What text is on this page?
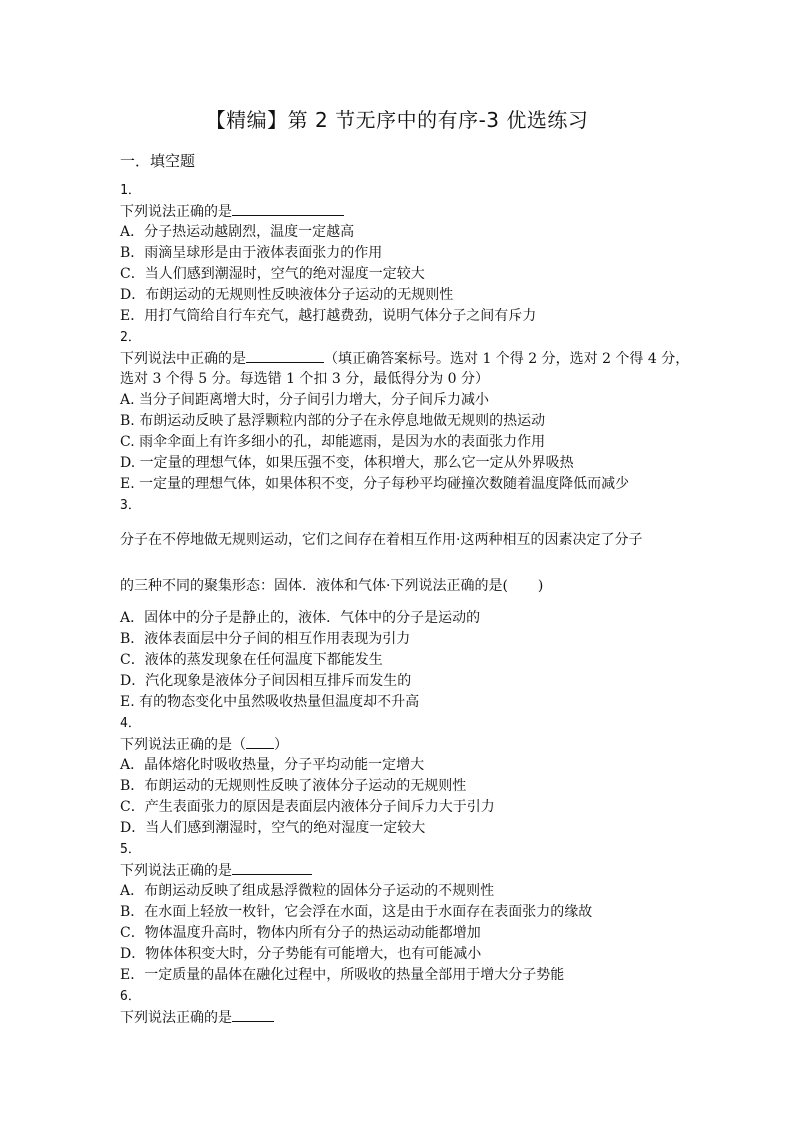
【精编】第 2 节无序中的有序-3 优选练习
一．填空题
1．
下列说法正确的是
A．分子热运动越剧烈，温度一定越高
B．雨滴呈球形是由于液体表面张力的作用
C．当人们感到潮湿时，空气的绝对湿度一定较大
D．布朗运动的无规则性反映液体分子运动的无规则性
E．用打气筒给自行车充气，越打越费劲，说明气体分子之间有斥力
2．
下列说法中正确的是	（填正确答案标号。选对 1 个得 2 分，选对 2 个得 4 分，
选对 3 个得 5 分。每选错 1 个扣 3 分，最低得分为 0 分）
A. 当分子间距离增大时，分子间引力增大，分子间斥力减小
B. 布朗运动反映了悬浮颗粒内部的分子在永停息地做无规则的热运动
C. 雨伞伞面上有许多细小的孔，却能遮雨，是因为水的表面张力作用
D. 一定量的理想气体，如果压强不变，体积增大，那么它一定从外界吸热
E. 一定量的理想气体，如果体积不变，分子每秒平均碰撞次数随着温度降低而减少
3．
分子在不停地做无规则运动，它们之间存在着相互作用·这两种相互的因素决定了分子
的三种不同的聚集形态：固体．液体和气体·下列说法正确的是( )
A．固体中的分子是静止的，液体．气体中的分子是运动的
B．液体表面层中分子间的相互作用表现为引力
C．液体的蒸发现象在任何温度下都能发生
D．汽化现象是液体分子间因相互排斥而发生的
E. 有的物态变化中虽然吸收热量但温度却不升高
4．
下列说法正确的是（ ）
A．晶体熔化时吸收热量，分子平均动能一定增大
B．布朗运动的无规则性反映了液体分子运动的无规则性
C．产生表面张力的原因是表面层内液体分子间斥力大于引力
D．当人们感到潮湿时，空气的绝对湿度一定较大
5．
下列说法正确的是
A．布朗运动反映了组成悬浮微粒的固体分子运动的不规则性
B．在水面上轻放一枚针，它会浮在水面，这是由于水面存在表面张力的缘故
C．物体温度升高时，物体内所有分子的热运动动能都增加
D．物体体积变大时，分子势能有可能增大，也有可能减小
E．一定质量的晶体在融化过程中，所吸收的热量全部用于增大分子势能
6．
下列说法正确的是
